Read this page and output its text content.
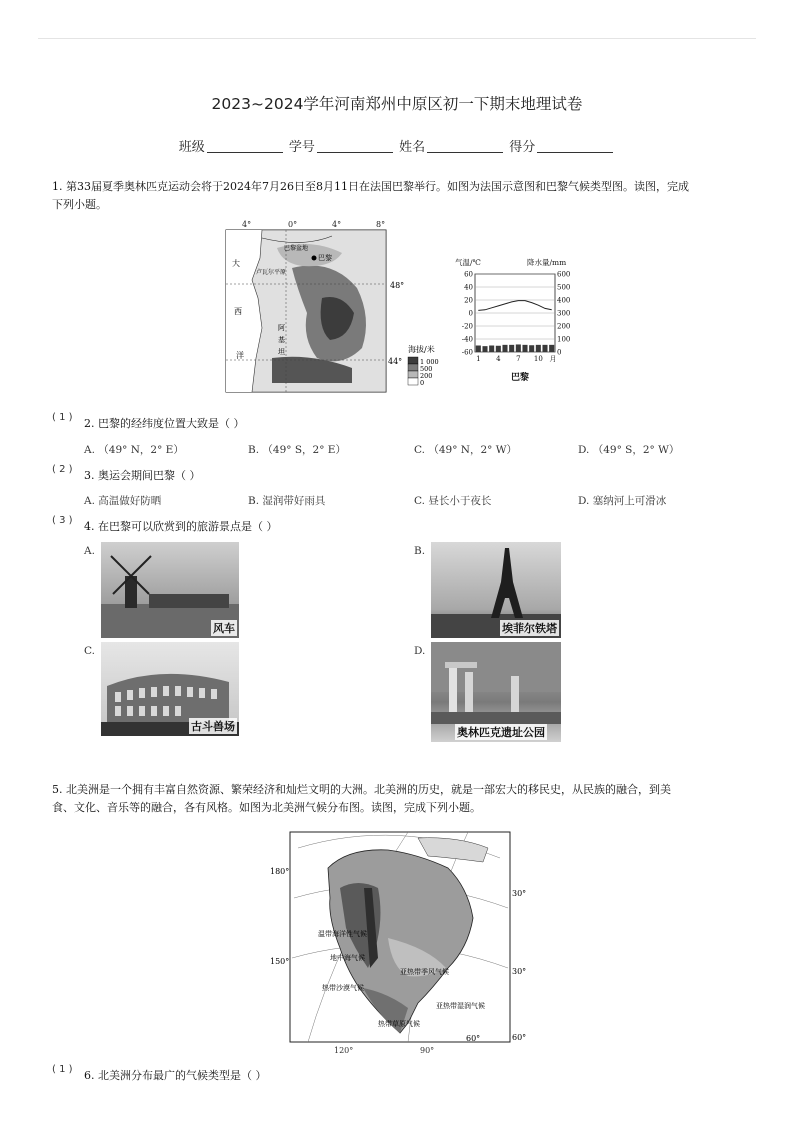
2023~2024学年河南郑州中原区初一下期末地理试卷
班级	学号	姓名	得分
1. 第33届夏季奥林匹克运动会将于2024年7月26日至8月11日在法国巴黎举行。如图为法国示意图和巴黎气候类型图。读图，完成
下列小题。
4°	0°	4°	8°
巴黎盆地
巴黎
卢瓦尔平原
大
西
洋
阿
基
坦
48°
44°
海拔/米
1 000
500
200
0
气温/℃	降水量/mm
60	600
40	500
20	400
0	300
-20	200
-40	100
-60	0
1 4 7 10 月
巴黎
( 1 ) 2. 巴黎的经纬度位置大致是（ ）
A. （49° N，2° E）	B. （49° S，2° E）	C. （49° N，2° W）	D. （49° S，2° W）
( 2 ) 3. 奥运会期间巴黎（ ）
A. 高温做好防晒	B. 湿润带好雨具	C. 昼长小于夜长	D. 塞纳河上可滑冰
( 3 ) 4. 在巴黎可以欣赏到的旅游景点是（ ）
A.
风车
B.
埃菲尔铁塔
C.
古斗兽场
D.
奥林匹克遗址公园
5. 北美洲是一个拥有丰富自然资源、繁荣经济和灿烂文明的大洲。北美洲的历史，就是一部宏大的移民史，从民族的融合，到美
食、文化、音乐等的融合，各有风格。如图为北美洲气候分布图。读图，完成下列小题。
60°
180°
150°
30°
30°
60°
温带海洋性气候
地中海气候
热带沙漠气候
亚热带季风气候
热带草原气候
亚热带湿润气候
120°	90°
( 1 ) 6. 北美洲分布最广的气候类型是（ ）
